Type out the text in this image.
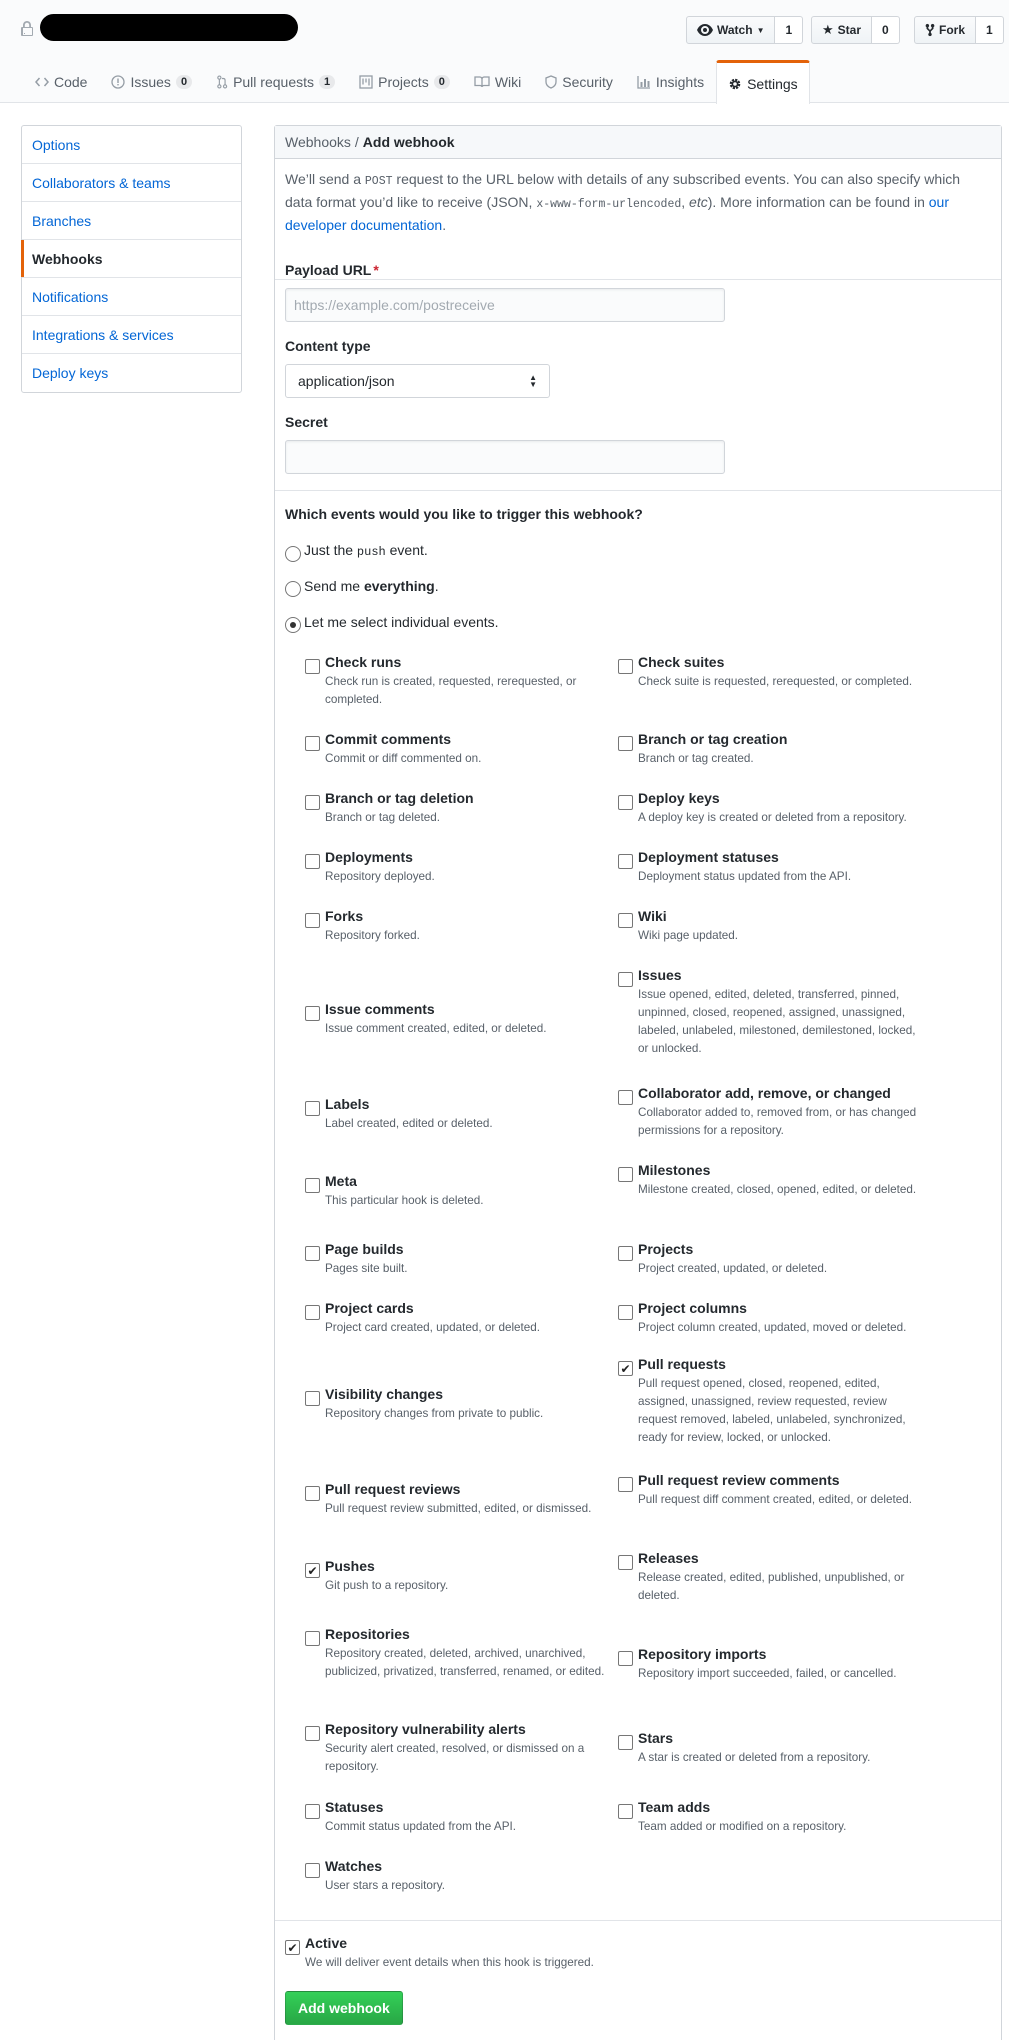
Watch ▼	1	★ Star	0	Fork	1
Code	Issues 0	Pull requests 1	Projects 0	Wiki	Security	Insights	Settings
Options
Collaborators & teams
Branches
Webhooks
Notifications
Integrations & services
Deploy keys
Webhooks / Add webhook

We’ll send a POST request to the URL below with details of any subscribed events. You can also specify which data format you’d like to receive (JSON, x-www-form-urlencoded, etc). More information can be found in our developer documentation.

Payload URL *
https://example.com/postreceive
Content type
application/json	▲
▼
Secret
Which events would you like to trigger this webhook?
Just the push event.
Send me everything.
Let me select individual events.
Check runs
Check run is created, requested, rerequested, or completed.
Commit comments
Commit or diff commented on.
Branch or tag deletion
Branch or tag deleted.
Deployments
Repository deployed.
Forks
Repository forked.
Issue comments
Issue comment created, edited, or deleted.
Labels
Label created, edited or deleted.
Meta
This particular hook is deleted.
Page builds
Pages site built.
Project cards
Project card created, updated, or deleted.
Visibility changes
Repository changes from private to public.
Pull request reviews
Pull request review submitted, edited, or dismissed.
✔ Pushes
Git push to a repository.
Repositories
Repository created, deleted, archived, unarchived, publicized, privatized, transferred, renamed, or edited.
Repository vulnerability alerts
Security alert created, resolved, or dismissed on a repository.
Statuses
Commit status updated from the API.
Watches
User stars a repository.
Check suites
Check suite is requested, rerequested, or completed.
Branch or tag creation
Branch or tag created.
Deploy keys
A deploy key is created or deleted from a repository.
Deployment statuses
Deployment status updated from the API.
Wiki
Wiki page updated.
Issues
Issue opened, edited, deleted, transferred, pinned, unpinned, closed, reopened, assigned, unassigned, labeled, unlabeled, milestoned, demilestoned, locked, or unlocked.
Collaborator add, remove, or changed
Collaborator added to, removed from, or has changed permissions for a repository.
Milestones
Milestone created, closed, opened, edited, or deleted.
Projects
Project created, updated, or deleted.
Project columns
Project column created, updated, moved or deleted.
✔ Pull requests
Pull request opened, closed, reopened, edited, assigned, unassigned, review requested, review request removed, labeled, unlabeled, synchronized, ready for review, locked, or unlocked.
Pull request review comments
Pull request diff comment created, edited, or deleted.
Releases
Release created, edited, published, unpublished, or deleted.
Repository imports
Repository import succeeded, failed, or cancelled.
Stars
A star is created or deleted from a repository.
Team adds
Team added or modified on a repository.
✔ Active
We will deliver event details when this hook is triggered.
Add webhook
